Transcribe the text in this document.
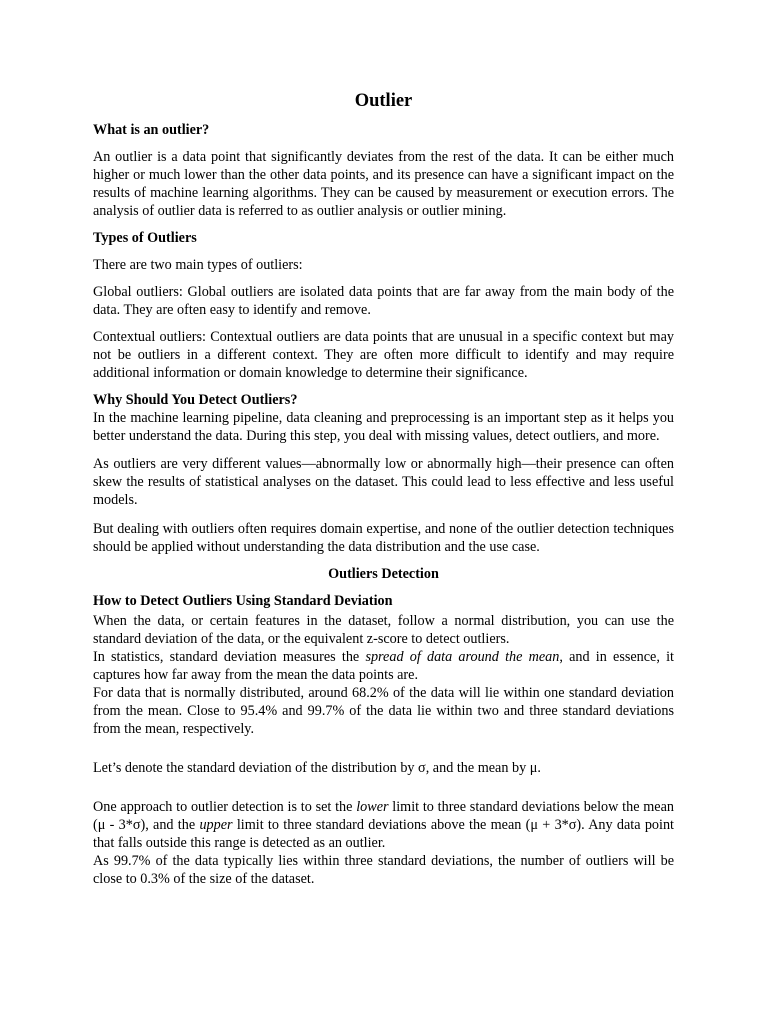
Outlier
What is an outlier?

An outlier is a data point that significantly deviates from the rest of the data. It can be either much higher or much lower than the other data points, and its presence can have a significant impact on the results of machine learning algorithms. They can be caused by measurement or execution errors. The analysis of outlier data is referred to as outlier analysis or outlier mining.

Types of Outliers

There are two main types of outliers:

Global outliers: Global outliers are isolated data points that are far away from the main body of the data. They are often easy to identify and remove.

Contextual outliers: Contextual outliers are data points that are unusual in a specific context but may not be outliers in a different context. They are often more difficult to identify and may require additional information or domain knowledge to determine their significance.

Why Should You Detect Outliers?

In the machine learning pipeline, data cleaning and preprocessing is an important step as it helps you better understand the data. During this step, you deal with missing values, detect outliers, and more.

As outliers are very different values—abnormally low or abnormally high—their presence can often skew the results of statistical analyses on the dataset. This could lead to less effective and less useful models.

But dealing with outliers often requires domain expertise, and none of the outlier detection techniques should be applied without understanding the data distribution and the use case.

Outliers Detection
How to Detect Outliers Using Standard Deviation

When the data, or certain features in the dataset, follow a normal distribution, you can use the standard deviation of the data, or the equivalent z-score to detect outliers.

In statistics, standard deviation measures the spread of data around the mean, and in essence, it captures how far away from the mean the data points are.

For data that is normally distributed, around 68.2% of the data will lie within one standard deviation from the mean. Close to 95.4% and 99.7% of the data lie within two and three standard deviations from the mean, respectively.

Let’s denote the standard deviation of the distribution by σ, and the mean by μ.

One approach to outlier detection is to set the lower limit to three standard deviations below the mean (μ - 3*σ), and the upper limit to three standard deviations above the mean (μ + 3*σ). Any data point that falls outside this range is detected as an outlier.

As 99.7% of the data typically lies within three standard deviations, the number of outliers will be close to 0.3% of the size of the dataset.
